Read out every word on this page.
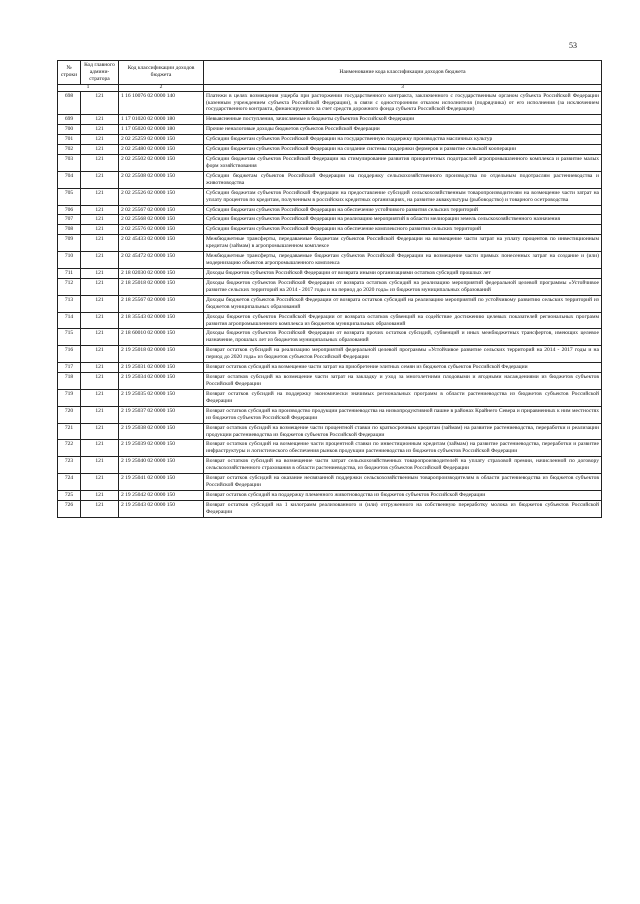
53
№ строки	Код главного админи-стратора	Код классификации доходов бюджета	Наименование кода классификации доходов бюджета
1		2	3
698	121	1 16 10076 02 0000 140	Платежи в целях возмещения ущерба при расторжении государственного контракта, заключенного с государственным органом субъекта Российской Федерации (казенным учреждением субъекта Российской Федерации), в связи с односторонним отказом исполнителя (подрядчика) от его исполнения (за исключением государственного контракта, финансируемого за счет средств дорожного фонда субъекта Российской Федерации)
699	121	1 17 01020 02 0000 180	Невыясненные поступления, зачисляемые в бюджеты субъектов Российской Федерации
700	121	1 17 05020 02 0000 180	Прочие неналоговые доходы бюджетов субъектов Российской Федерации
701	121	2 02 25259 02 0000 150	Субсидии бюджетам субъектов Российской Федерации на государственную поддержку производства масличных культур
702	121	2 02 25480 02 0000 150	Субсидии бюджетам субъектов Российской Федерации на создание системы поддержки фермеров и развитие сельской кооперации
703	121	2 02 25502 02 0000 150	Субсидии бюджетам субъектов Российской Федерации на стимулирование развития приоритетных подотраслей агропромышленного комплекса и развитие малых форм хозяйствования
704	121	2 02 25508 02 0000 150	Субсидии бюджетам субъектов Российской Федерации на поддержку сельскохозяйственного производства по отдельным подотраслям растениеводства и животноводства
705	121	2 02 25526 02 0000 150	Субсидии бюджетам субъектов Российской Федерации на предоставление субсидий сельскохозяйственным товаропроизводителям на возмещение части затрат на уплату процентов по кредитам, полученным в российских кредитных организациях, на развитие аквакультуры (рыбоводство) и товарного осетроводства
706	121	2 02 25567 02 0000 150	Субсидии бюджетам субъектов Российской Федерации на обеспечение устойчивого развития сельских территорий
707	121	2 02 25568 02 0000 150	Субсидии бюджетам субъектов Российской Федерации на реализацию мероприятий в области мелиорации земель сельскохозяйственного назначения
708	121	2 02 25576 02 0000 150	Субсидии бюджетам субъектов Российской Федерации на обеспечение комплексного развития сельских территорий
709	121	2 02 45433 02 0000 150	Межбюджетные трансферты, передаваемые бюджетам субъектов Российской Федерации на возмещение части затрат на уплату процентов по инвестиционным кредитам (займам) в агропромышленном комплексе
710	121	2 02 45472 02 0000 150	Межбюджетные трансферты, передаваемые бюджетам субъектов Российской Федерации на возмещение части прямых понесенных затрат на создание и (или) модернизацию объектов агропромышленного комплекса
711	121	2 18 02030 02 0000 150	Доходы бюджетов субъектов Российской Федерации от возврата иными организациями остатков субсидий прошлых лет
712	121	2 18 25018 02 0000 150	Доходы бюджетов субъектов Российской Федерации от возврата остатков субсидий на реализацию мероприятий федеральной целевой программы «Устойчивое развитие сельских территорий на 2014 - 2017 годы и на период до 2020 года» из бюджетов муниципальных образований
713	121	2 18 25567 02 0000 150	Доходы бюджетов субъектов Российской Федерации от возврата остатков субсидий на реализацию мероприятий по устойчивому развитию сельских территорий из бюджетов муниципальных образований
714	121	2 18 35543 02 0000 150	Доходы бюджетов субъектов Российской Федерации от возврата остатков субвенций на содействие достижению целевых показателей региональных программ развития агропромышленного комплекса из бюджетов муниципальных образований
715	121	2 18 60010 02 0000 150	Доходы бюджетов субъектов Российской Федерации от возврата прочих остатков субсидий, субвенций и иных межбюджетных трансфертов, имеющих целевое назначение, прошлых лет из бюджетов муниципальных образований
716	121	2 19 25018 02 0000 150	Возврат остатков субсидий на реализацию мероприятий федеральной целевой программы «Устойчивое развитие сельских территорий на 2014 - 2017 годы и на период до 2020 года» из бюджетов субъектов Российской Федерации
717	121	2 19 25031 02 0000 150	Возврат остатков субсидий на возмещение части затрат на приобретение элитных семян из бюджетов субъектов Российской Федерации
718	121	2 19 25034 02 0000 150	Возврат остатков субсидий на возмещение части затрат на закладку и уход за многолетними плодовыми и ягодными насаждениями из бюджетов субъектов Российской Федерации
719	121	2 19 25035 02 0000 150	Возврат остатков субсидий на поддержку экономически значимых региональных программ в области растениеводства из бюджетов субъектов Российской Федерации
720	121	2 19 25037 02 0000 150	Возврат остатков субсидий на производство продукции растениеводства на низкопродуктивной пашне в районах Крайнего Севера и приравненных к ним местностях из бюджетов субъектов Российской Федерации
721	121	2 19 25038 02 0000 150	Возврат остатков субсидий на возмещение части процентной ставки по краткосрочным кредитам (займам) на развитие растениеводства, переработки и реализации продукции растениеводства из бюджетов субъектов Российской Федерации
722	121	2 19 25039 02 0000 150	Возврат остатков субсидий на возмещение части процентной ставки по инвестиционным кредитам (займам) на развитие растениеводства, переработки и развитие инфраструктуры и логистического обеспечения рынков продукции растениеводства из бюджетов субъектов Российской Федерации
723	121	2 19 25040 02 0000 150	Возврат остатков субсидий на возмещение части затрат сельскохозяйственных товаропроизводителей на уплату страховой премии, начисленной по договору сельскохозяйственного страхования в области растениеводства, из бюджетов субъектов Российской Федерации
724	121	2 19 25041 02 0000 150	Возврат остатков субсидий на оказание несвязанной поддержки сельскохозяйственным товаропроизводителям в области растениеводства из бюджетов субъектов Российской Федерации
725	121	2 19 25042 02 0000 150	Возврат остатков субсидий на поддержку племенного животноводства из бюджетов субъектов Российской Федерации
726	121	2 19 25043 02 0000 150	Возврат остатков субсидий на 1 килограмм реализованного и (или) отгруженного на собственную переработку молока из бюджетов субъектов Российской Федерации
